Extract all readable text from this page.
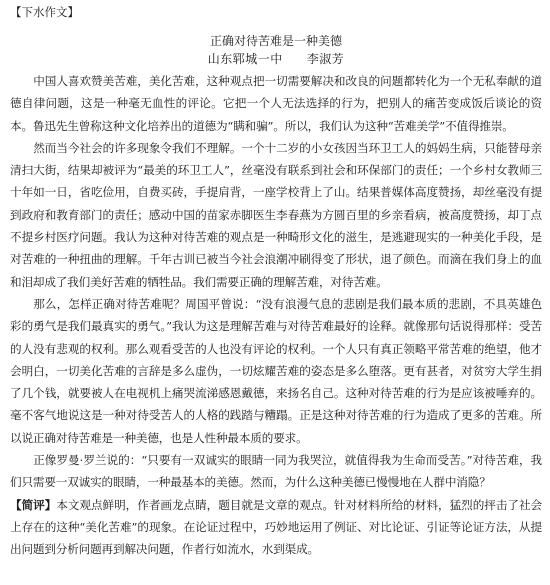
【下水作文】
正确对待苦难是一种美德
山东郓城一中 李淑芳

中国人喜欢赞美苦难，美化苦难，这种观点把一切需要解决和改良的问题都转化为一个无私奉献的道德自律问题，这是一种毫无血性的评论。它把一个人无法选择的行为，把别人的痛苦变成饭后谈论的资本。鲁迅先生曾称这种文化培养出的道德为“瞒和骗”。所以，我们认为这种“苦难美学”不值得推崇。

然而当今社会的许多现象令我们不理解。一个十二岁的小女孩因当环卫工人的妈妈生病，只能替母亲清扫大街，结果却被评为“最美的环卫工人”，丝毫没有联系到社会和环保部门的责任；一个乡村女教师三十年如一日，省吃俭用，自费买砖，手提肩背，一座学校背上了山。结果普媒体高度赞扬，却丝毫没有提到政府和教育部门的责任；感动中国的苗家赤脚医生李春燕为方圆百里的乡亲看病，被高度赞扬，却丁点不提乡村医疗问题。我认为这种对待苦难的观点是一种畸形文化的滋生，是逃避现实的一种美化手段，是对苦难的一种扭曲的理解。千年古训已被当今社会浪潮冲刷得变了形状，退了颜色。而滴在我们身上的血和泪却成了我们美好苦难的牺牲品。我们需要正确的理解苦难，对待苦难。

那么，怎样正确对待苦难呢？周国平曾说：“没有浪漫气息的悲剧是我们最本质的悲剧，不具英雄色彩的勇气是我们最真实的勇气。”我认为这是理解苦难与对待苦难最好的诠释。就像那句话说得那样：受苦的人没有悲观的权利。那么观看受苦的人也没有评论的权利。一个人只有真正领略平常苦难的绝望，他才会明白，一切美化苦难的言辞是多么虚伪，一切炫耀苦难的姿态是多么堕落。更有甚者，对贫穷大学生捐了几个钱，就要被人在电视机上痛哭流涕感恩戴德，来扬名自己。这种对待苦难的行为是应该被唾弃的。毫不客气地说这是一种对待受苦人的人格的践踏与糟蹋。正是这种对待苦难的行为造成了更多的苦难。所以说正确对待苦难是一种美德，也是人性种最本质的要求。

正像罗曼·罗兰说的：“只要有一双诚实的眼睛一同为我哭泣，就值得我为生命而受苦。”对待苦难，我们只需要一双诚实的眼睛，一种最基本的美德。然而，为什么这种美德已慢慢地在人群中消隐？

【简评】本文观点鲜明，作者画龙点睛，题目就是文章的观点。针对材料所给的材料，猛烈的抨击了社会上存在的这种“美化苦难”的现象。在论证过程中，巧妙地运用了例证、对比论证、引证等论证方法，从提出问题到分析问题再到解决问题，作者行如流水，水到渠成。
